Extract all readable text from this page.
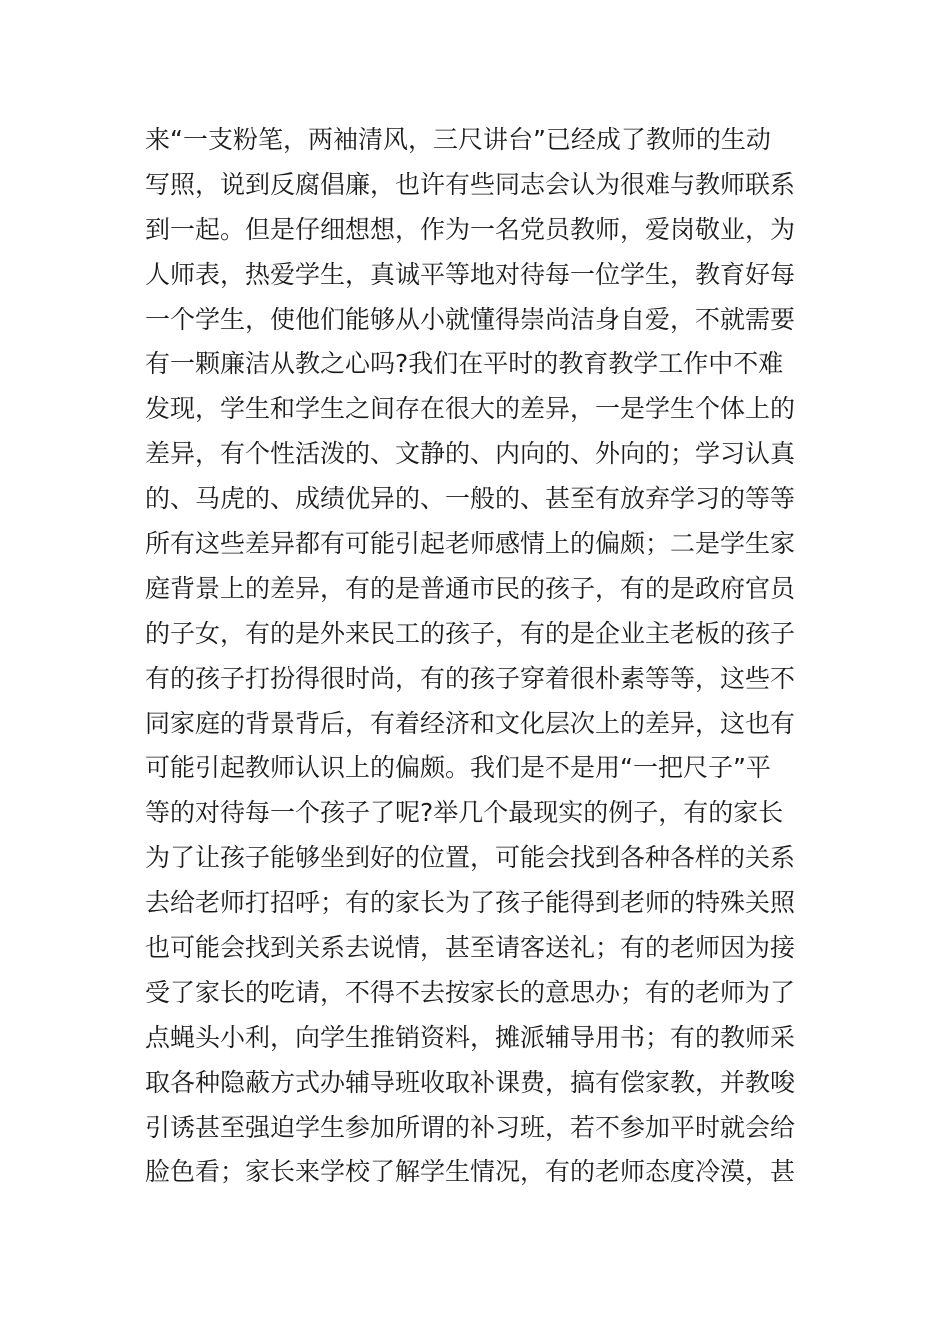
来“一支粉笔，两袖清风，三尺讲台”已经成了教师的生动
写照，说到反腐倡廉，也许有些同志会认为很难与教师联系
到一起。但是仔细想想，作为一名党员教师，爱岗敬业，为
人师表，热爱学生，真诚平等地对待每一位学生，教育好每
一个学生，使他们能够从小就懂得崇尚洁身自爱，不就需要
有一颗廉洁从教之心吗?我们在平时的教育教学工作中不难
发现，学生和学生之间存在很大的差异，一是学生个体上的
差异，有个性活泼的、文静的、内向的、外向的；学习认真
的、马虎的、成绩优异的、一般的、甚至有放弃学习的等等
所有这些差异都有可能引起老师感情上的偏颇；二是学生家
庭背景上的差异，有的是普通市民的孩子，有的是政府官员
的子女，有的是外来民工的孩子，有的是企业主老板的孩子
有的孩子打扮得很时尚，有的孩子穿着很朴素等等，这些不
同家庭的背景背后，有着经济和文化层次上的差异，这也有
可能引起教师认识上的偏颇。我们是不是用“一把尺子”平
等的对待每一个孩子了呢?举几个最现实的例子，有的家长
为了让孩子能够坐到好的位置，可能会找到各种各样的关系
去给老师打招呼；有的家长为了孩子能得到老师的特殊关照
也可能会找到关系去说情，甚至请客送礼；有的老师因为接
受了家长的吃请，不得不去按家长的意思办；有的老师为了
点蝇头小利，向学生推销资料，摊派辅导用书；有的教师采
取各种隐蔽方式办辅导班收取补课费，搞有偿家教，并教唆
引诱甚至强迫学生参加所谓的补习班，若不参加平时就会给
脸色看；家长来学校了解学生情况，有的老师态度冷漠，甚
